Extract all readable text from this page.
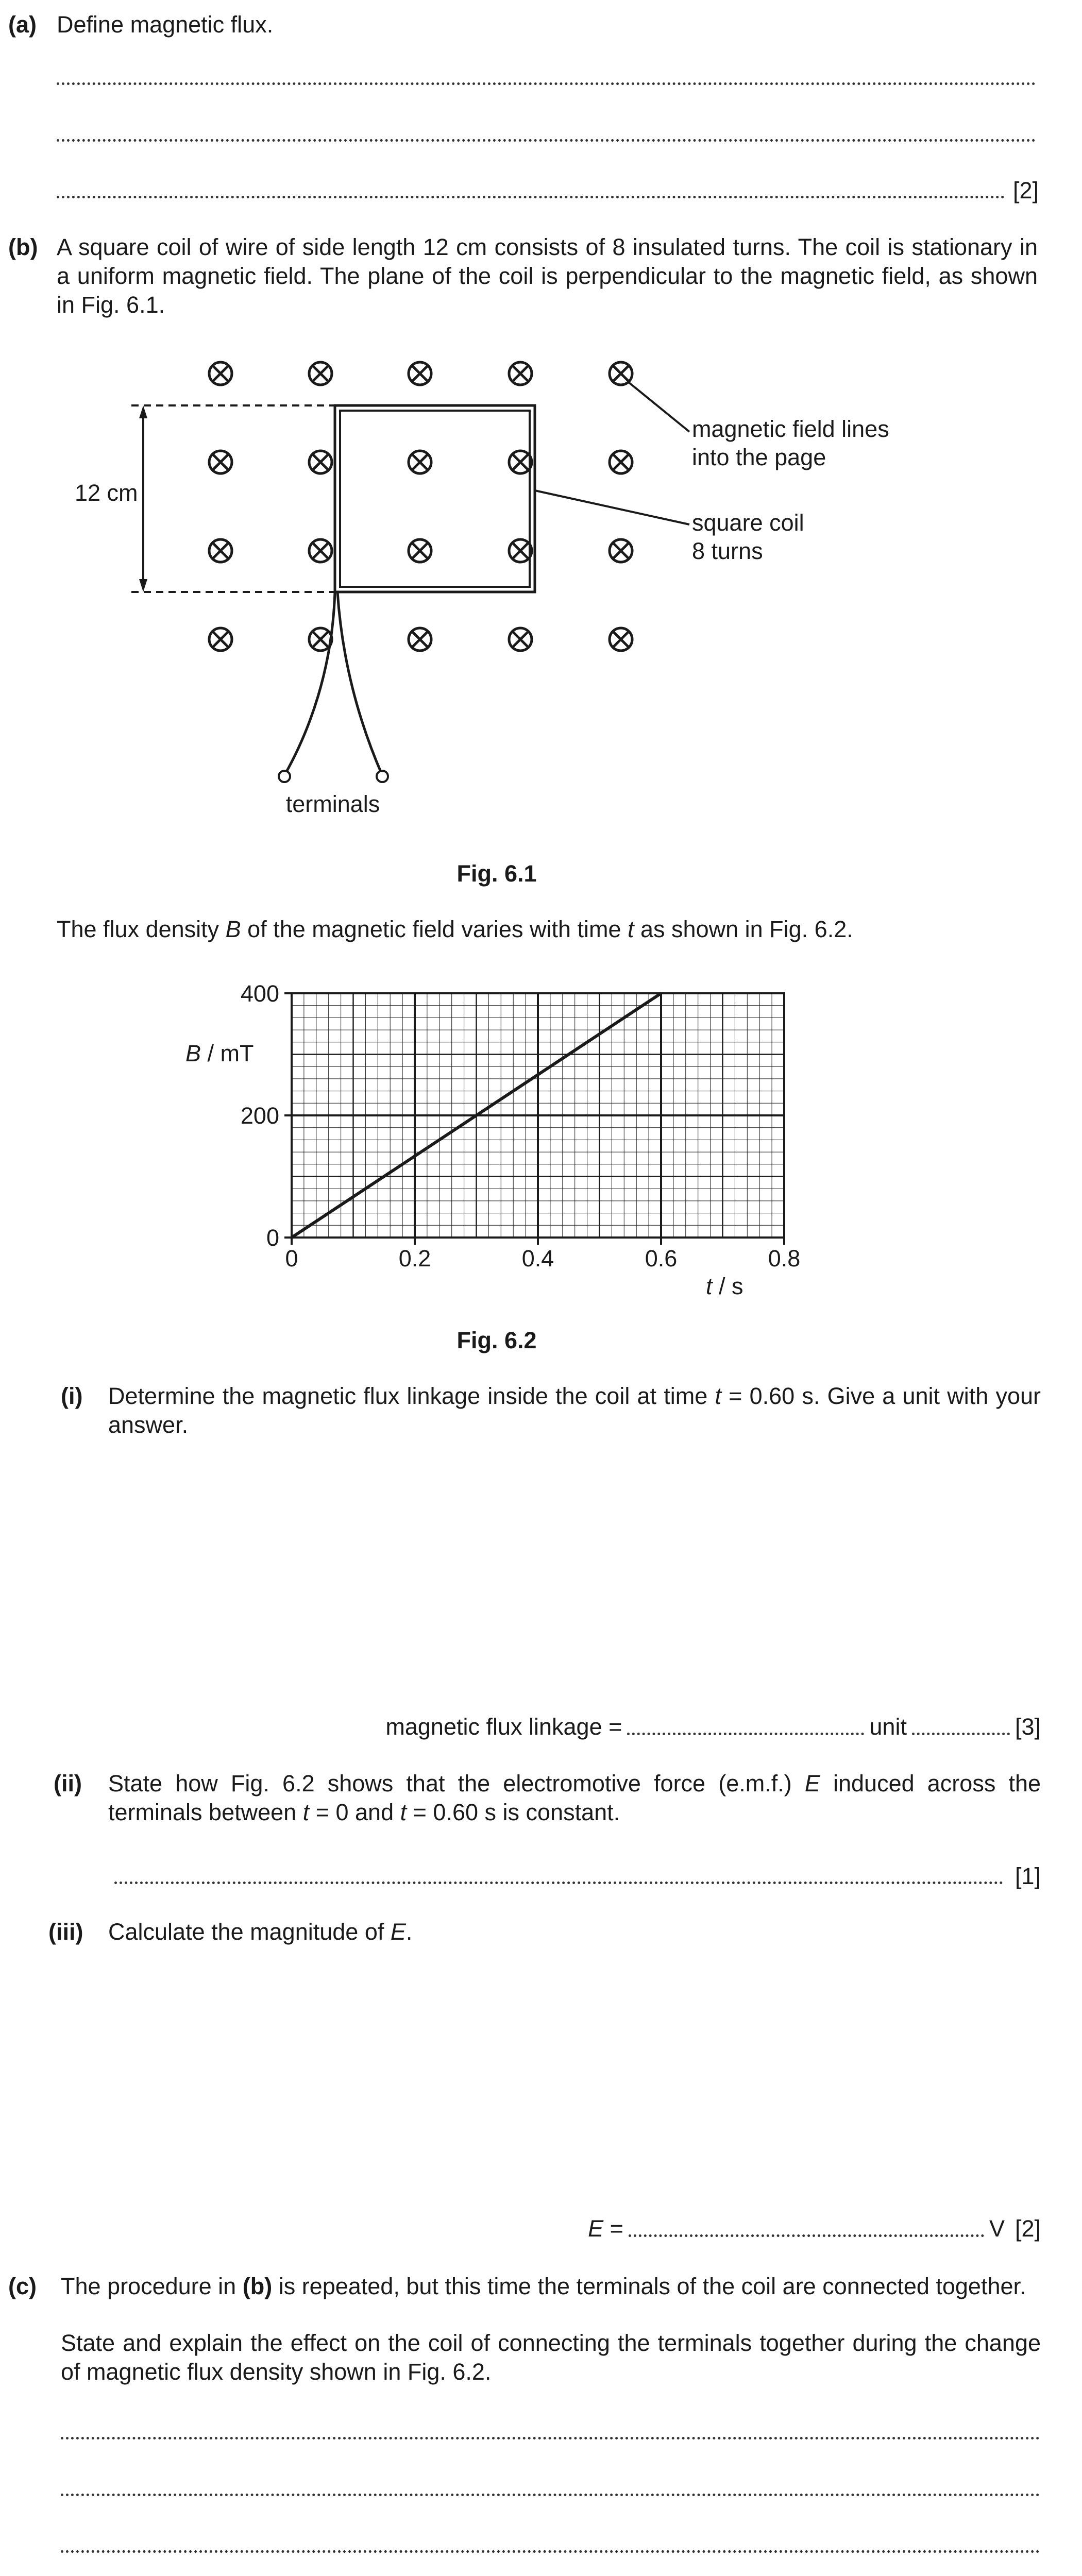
(a) Define magnetic flux.
[2]
(b) A square coil of wire of side length 12 cm consists of 8 insulated turns. The coil is stationary in a uniform magnetic field. The plane of the coil is perpendicular to the magnetic field, as shown in Fig. 6.1.
12 cm
magnetic field lines
into the page
square coil
8 turns
terminals
Fig. 6.1
The flux density B of the magnetic field varies with time t as shown in Fig. 6.2.
0	0.2	0.4	0.6	0.8
0
200
400
B / mT
t / s
Fig. 6.2
(i) Determine the magnetic flux linkage inside the coil at time t = 0.60 s. Give a unit with your answer.
magnetic flux linkage =	unit	[3]
(ii) State how Fig. 6.2 shows that the electromotive force (e.m.f.) E induced across the terminals between t = 0 and t = 0.60 s is constant.
[1]
(iii) Calculate the magnitude of E.
E =	V [2]
(c) The procedure in (b) is repeated, but this time the terminals of the coil are connected together.
State and explain the effect on the coil of connecting the terminals together during the change of magnetic flux density shown in Fig. 6.2.
